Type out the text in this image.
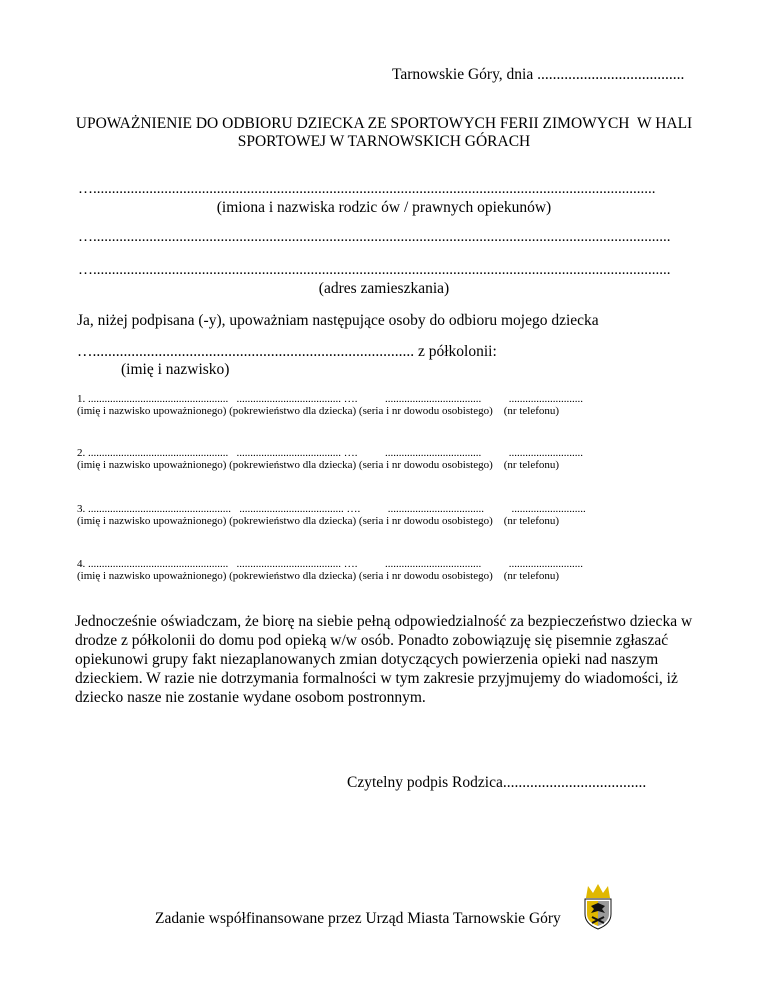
Tarnowskie Góry, dnia ......................................
UPOWAŻNIENIE DO ODBIORU DZIECKA ZE SPORTOWYCH FERII ZIMOWYCH  W HALI
SPORTOWEJ W TARNOWSKICH GÓRACH
…......................................................................................................................................................
(imiona i nazwiska rodzic ów / prawnych opiekunów)
…..........................................................................................................................................................
…..........................................................................................................................................................
(adres zamieszkania)
Ja, niżej podpisana (-y), upoważniam następujące osoby do odbioru mojego dziecka
…................................................................................... z półkolonii:
(imię i nazwisko)
1. ...................................................   ...................................... ….          ...................................          ...........................
(imię i nazwisko upoważnionego) (pokrewieństwo dla dziecka) (seria i nr dowodu osobistego)    (nr telefonu)
2. ...................................................   ...................................... ….          ...................................          ...........................
(imię i nazwisko upoważnionego) (pokrewieństwo dla dziecka) (seria i nr dowodu osobistego)    (nr telefonu)
3. ....................................................   ...................................... ….          ...................................          ...........................
(imię i nazwisko upoważnionego) (pokrewieństwo dla dziecka) (seria i nr dowodu osobistego)    (nr telefonu)
4. ...................................................   ...................................... ….          ...................................          ...........................
(imię i nazwisko upoważnionego) (pokrewieństwo dla dziecka) (seria i nr dowodu osobistego)    (nr telefonu)
Jednocześnie oświadczam, że biorę na siebie pełną odpowiedzialność za bezpieczeństwo dziecka w drodze z półkolonii do domu pod opieką w/w osób. Ponadto zobowiązuję się pisemnie zgłaszać opiekunowi grupy fakt niezaplanowanych zmian dotyczących powierzenia opieki nad naszym dzieckiem. W razie nie dotrzymania formalności w tym zakresie przyjmujemy do wiadomości, iż dziecko nasze nie zostanie wydane osobom postronnym.
Czytelny podpis Rodzica.....................................
Zadanie współfinansowane przez Urząd Miasta Tarnowskie Góry
